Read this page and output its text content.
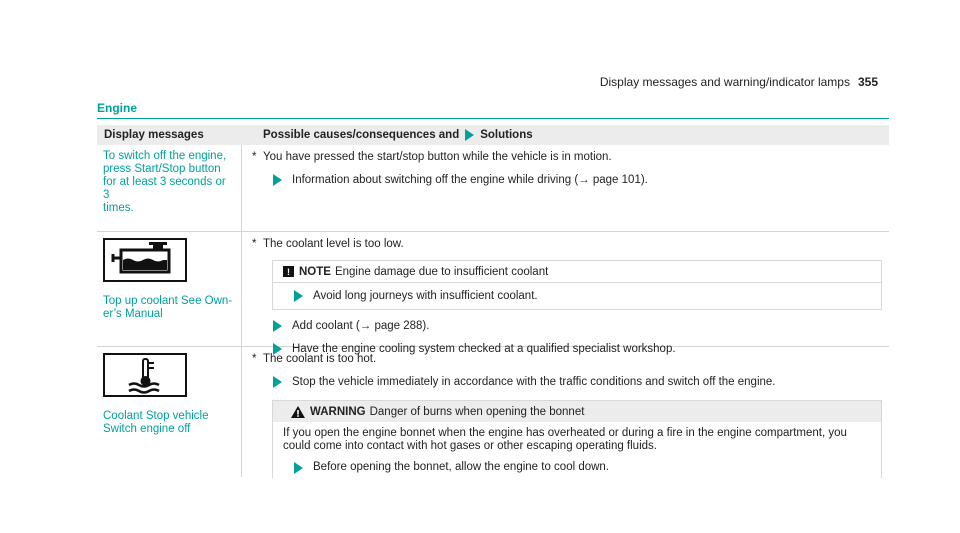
Display messages and warning/indicator lamps 355
Engine
Display messages	Possible causes/consequences and Solutions
To switch off the engine,
press Start/Stop button
for at least 3 seconds or 3
times.
* You have pressed the start/stop button while the vehicle is in motion.
Information about switching off the engine while driving (→ page 101).
Top up coolant See Own-
er’s Manual
* The coolant level is too low.
! NOTE Engine damage due to insufficient coolant
Avoid long journeys with insufficient coolant.
Add coolant (→ page 288).
Have the engine cooling system checked at a qualified specialist workshop.
Coolant Stop vehicle
Switch engine off
* The coolant is too hot.
Stop the vehicle immediately in accordance with the traffic conditions and switch off the engine.
WARNING Danger of burns when opening the bonnet
If you open the engine bonnet when the engine has overheated or during a fire in the engine compartment, you could come into contact with hot gases or other escaping operating fluids.
Before opening the bonnet, allow the engine to cool down.
